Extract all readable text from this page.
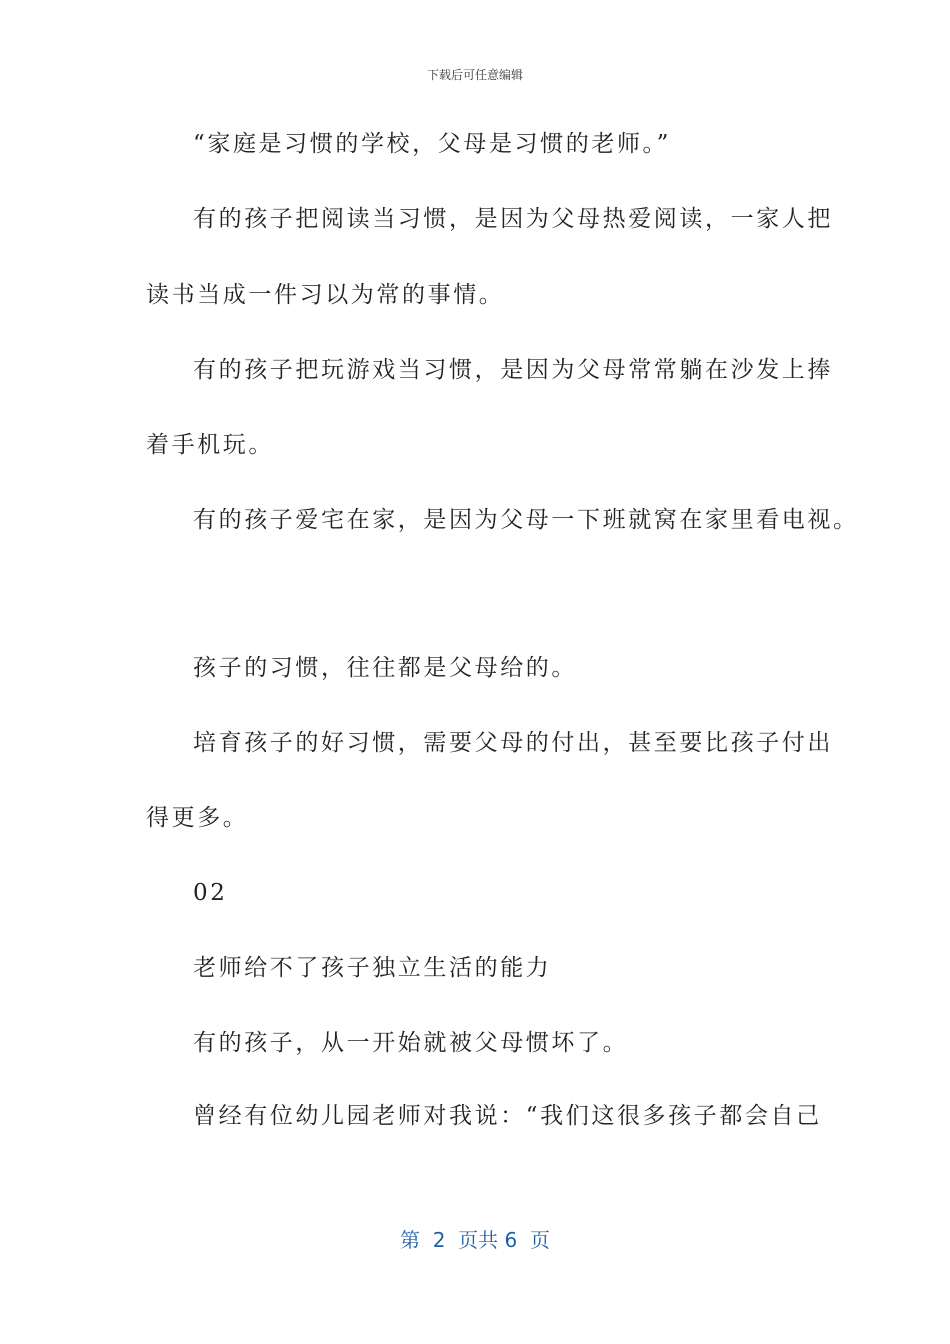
下载后可任意编辑
“家庭是习惯的学校，父母是习惯的老师。”
有的孩子把阅读当习惯，是因为父母热爱阅读，一家人把
读书当成一件习以为常的事情。
有的孩子把玩游戏当习惯，是因为父母常常躺在沙发上捧
着手机玩。
有的孩子爱宅在家，是因为父母一下班就窝在家里看电视。
孩子的习惯，往往都是父母给的。
培育孩子的好习惯，需要父母的付出，甚至要比孩子付出
得更多。
02
老师给不了孩子独立生活的能力
有的孩子，从一开始就被父母惯坏了。
曾经有位幼儿园老师对我说：“我们这很多孩子都会自己
第  2  页共 6  页
